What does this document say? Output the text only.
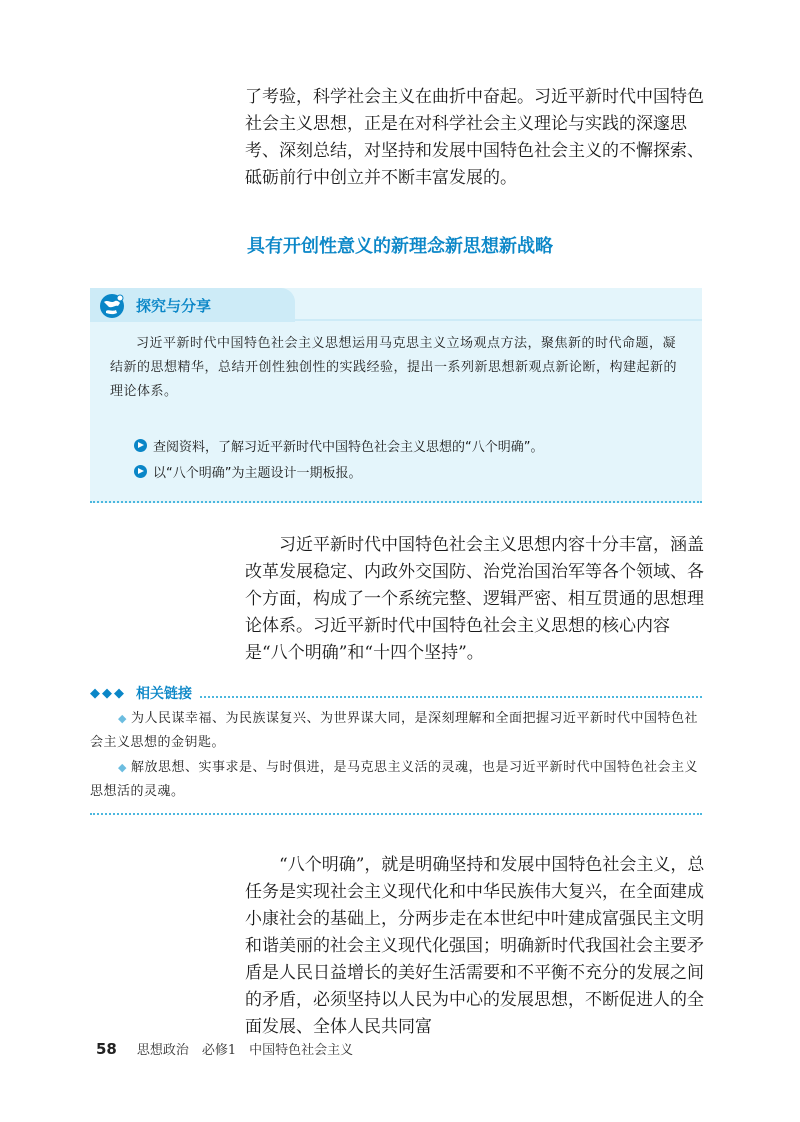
了考验，科学社会主义在曲折中奋起。习近平新时代中国特色社会主义思想，正是在对科学社会主义理论与实践的深邃思考、深刻总结，对坚持和发展中国特色社会主义的不懈探索、砥砺前行中创立并不断丰富发展的。

具有开创性意义的新理念新思想新战略
探究与分享

习近平新时代中国特色社会主义思想运用马克思主义立场观点方法，聚焦新的时代命题，凝结新的思想精华，总结开创性独创性的实践经验，提出一系列新思想新观点新论断，构建起新的理论体系。

查阅资料，了解习近平新时代中国特色社会主义思想的“八个明确”。
以“八个明确”为主题设计一期板报。

习近平新时代中国特色社会主义思想内容十分丰富，涵盖改革发展稳定、内政外交国防、治党治国治军等各个领域、各个方面，构成了一个系统完整、逻辑严密、相互贯通的思想理论体系。习近平新时代中国特色社会主义思想的核心内容是“八个明确”和“十四个坚持”。

◆◆◆ 相关链接

◆ 为人民谋幸福、为民族谋复兴、为世界谋大同，是深刻理解和全面把握习近平新时代中国特色社会主义思想的金钥匙。

◆ 解放思想、实事求是、与时俱进，是马克思主义活的灵魂，也是习近平新时代中国特色社会主义思想活的灵魂。

“八个明确”，就是明确坚持和发展中国特色社会主义，总任务是实现社会主义现代化和中华民族伟大复兴，在全面建成小康社会的基础上，分两步走在本世纪中叶建成富强民主文明和谐美丽的社会主义现代化强国；明确新时代我国社会主要矛盾是人民日益增长的美好生活需要和不平衡不充分的发展之间的矛盾，必须坚持以人民为中心的发展思想，不断促进人的全面发展、全体人民共同富

58 思想政治　必修1　中国特色社会主义
